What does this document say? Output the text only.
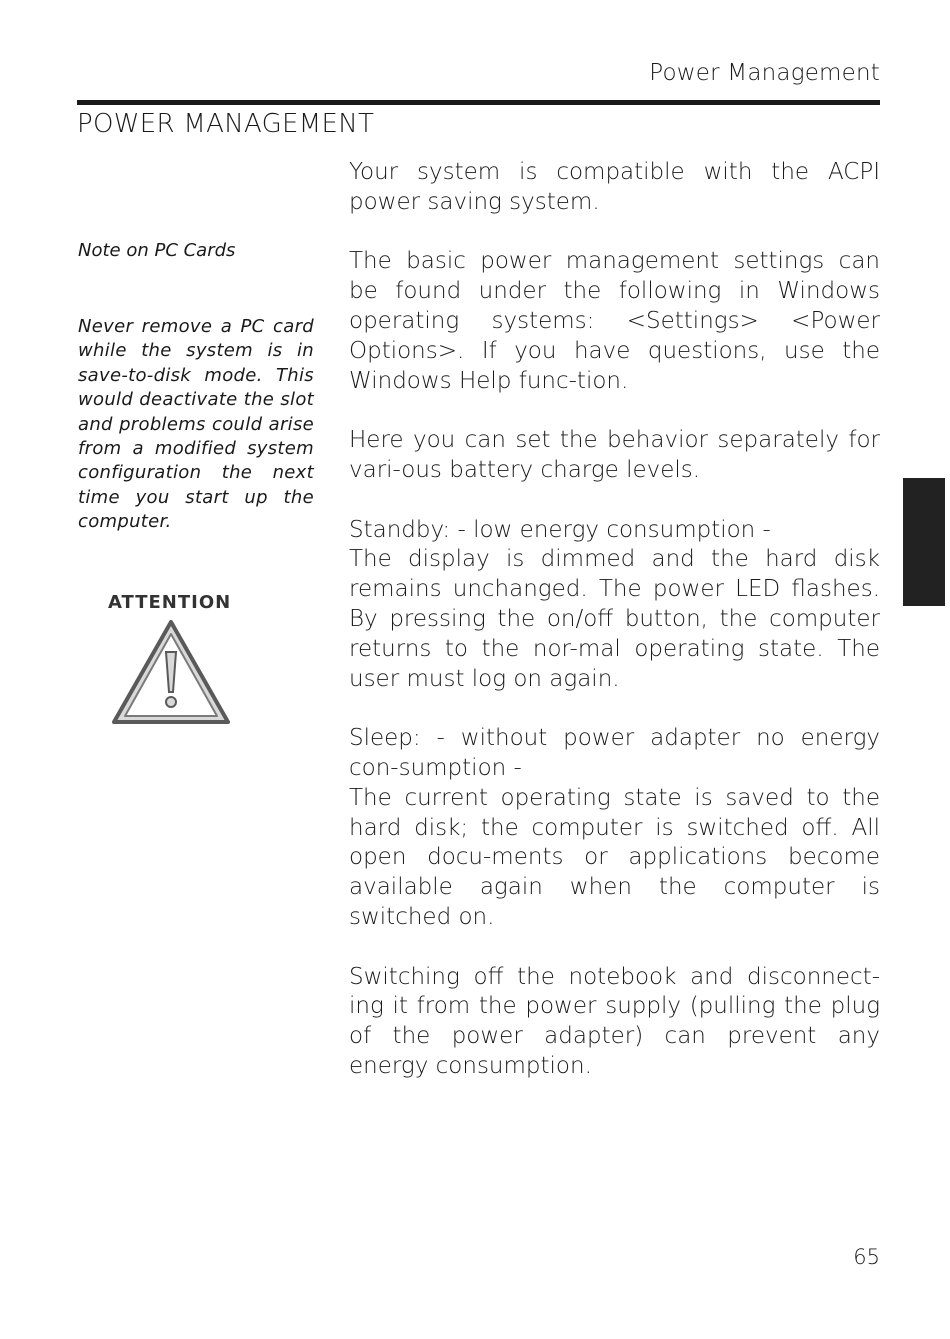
Power Management
POWER MANAGEMENT

Note on PC Cards

Never remove a PC card while the system is in save-to-disk mode. This would deactivate the slot and problems could arise from a modified system configuration the next time you start up the computer.

ATTENTION

Your system is compatible with the ACPI power saving system.

The basic power management settings can be found under the following in Windows operating systems: <Settings> <Power Options>. If you have questions, use the Windows Help func-tion.

Here you can set the behavior separately for vari-ous battery charge levels.

Standby: - low energy consumption -

The display is dimmed and the hard disk remains unchanged. The power LED flashes. By pressing the on/off button, the computer returns to the nor-mal operating state. The user must log on again.

Sleep: - without power adapter no energy con-sumption -

The current operating state is saved to the hard disk; the computer is switched off. All open docu-ments or applications become available again when the computer is switched on.

Switching off the notebook and disconnect-ing it from the power supply (pulling the plug of the power adapter) can prevent any energy consumption.

65
